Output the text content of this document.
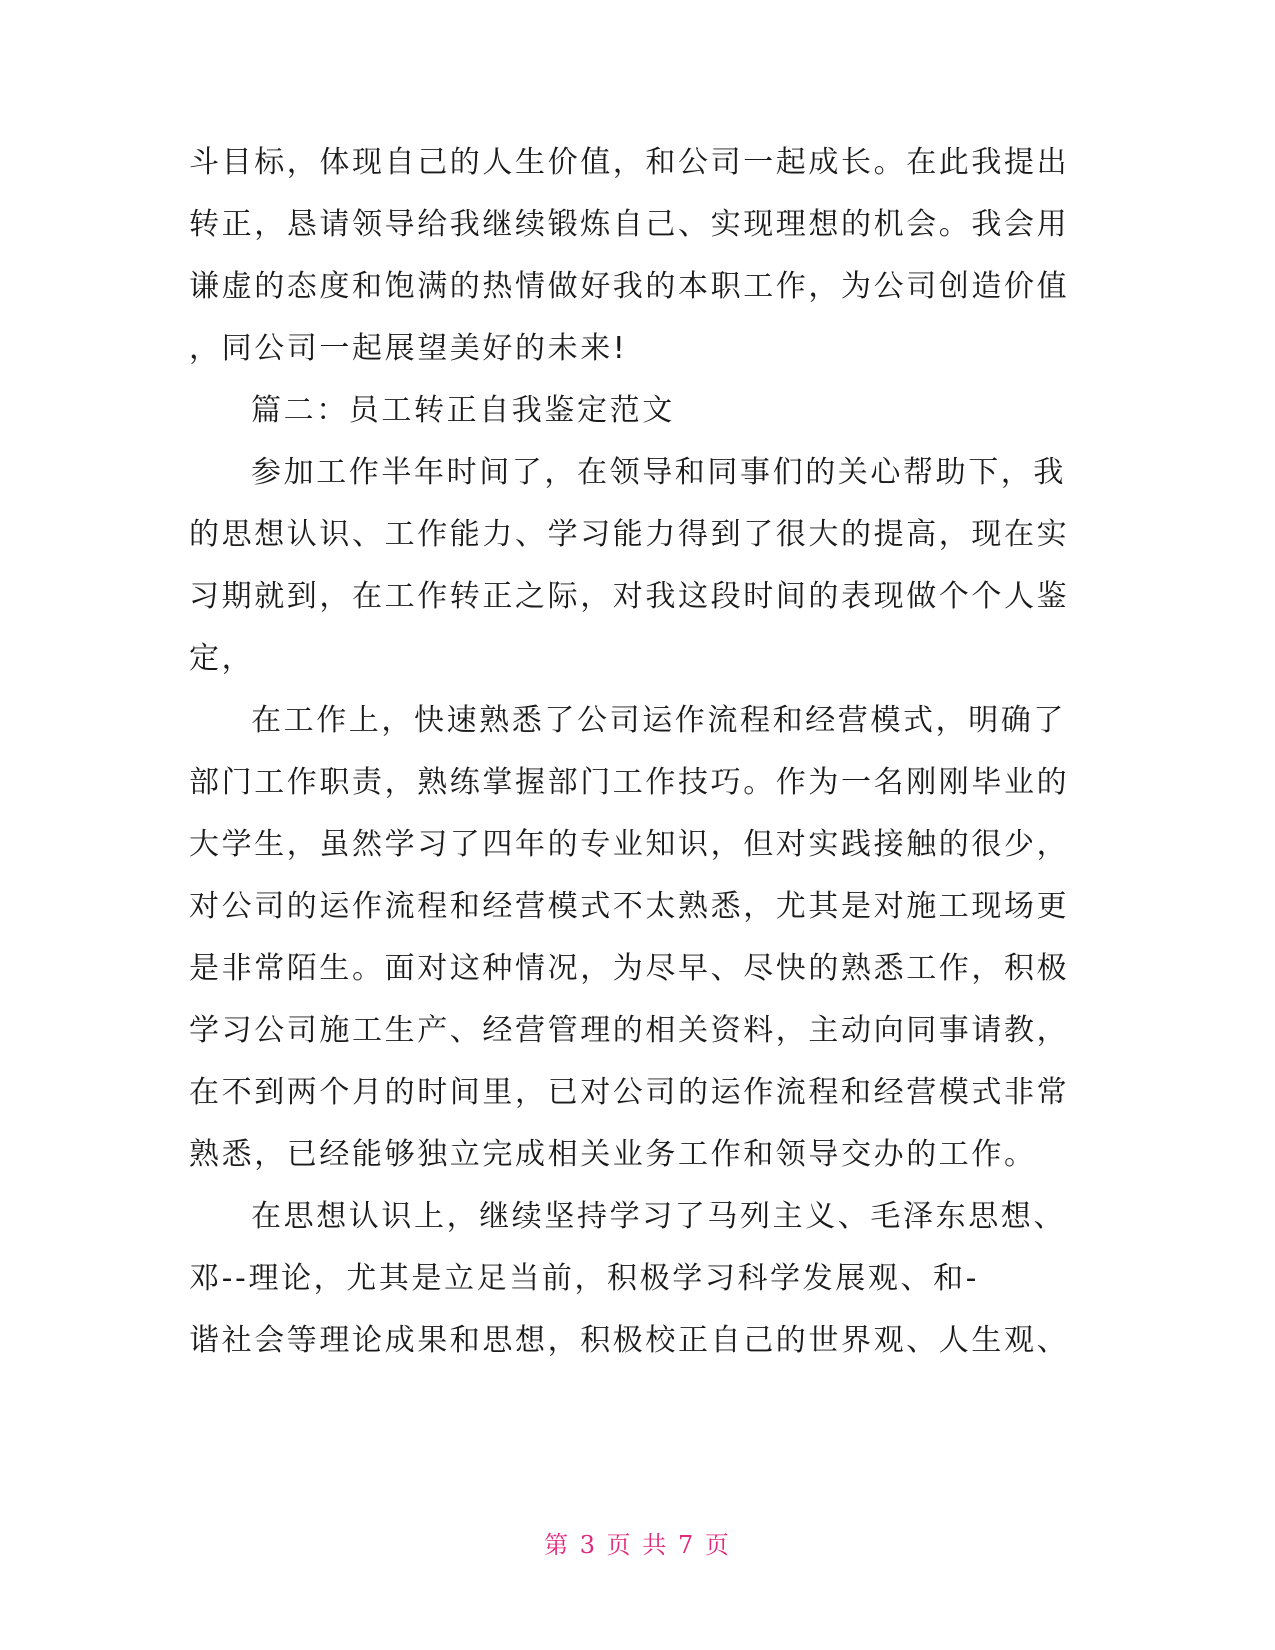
斗目标，体现自己的人生价值，和公司一起成长。在此我提出
转正，恳请领导给我继续锻炼自己、实现理想的机会。我会用
谦虚的态度和饱满的热情做好我的本职工作，为公司创造价值
，同公司一起展望美好的未来!
篇二：员工转正自我鉴定范文
参加工作半年时间了，在领导和同事们的关心帮助下，我
的思想认识、工作能力、学习能力得到了很大的提高，现在实
习期就到，在工作转正之际，对我这段时间的表现做个个人鉴
定，
在工作上，快速熟悉了公司运作流程和经营模式，明确了
部门工作职责，熟练掌握部门工作技巧。作为一名刚刚毕业的
大学生，虽然学习了四年的专业知识，但对实践接触的很少，
对公司的运作流程和经营模式不太熟悉，尤其是对施工现场更
是非常陌生。面对这种情况，为尽早、尽快的熟悉工作，积极
学习公司施工生产、经营管理的相关资料，主动向同事请教，
在不到两个月的时间里，已对公司的运作流程和经营模式非常
熟悉，已经能够独立完成相关业务工作和领导交办的工作。
在思想认识上，继续坚持学习了马列主义、毛泽东思想、
邓--理论，尤其是立足当前，积极学习科学发展观、和-
谐社会等理论成果和思想，积极校正自己的世界观、人生观、
第 3 页 共 7 页
